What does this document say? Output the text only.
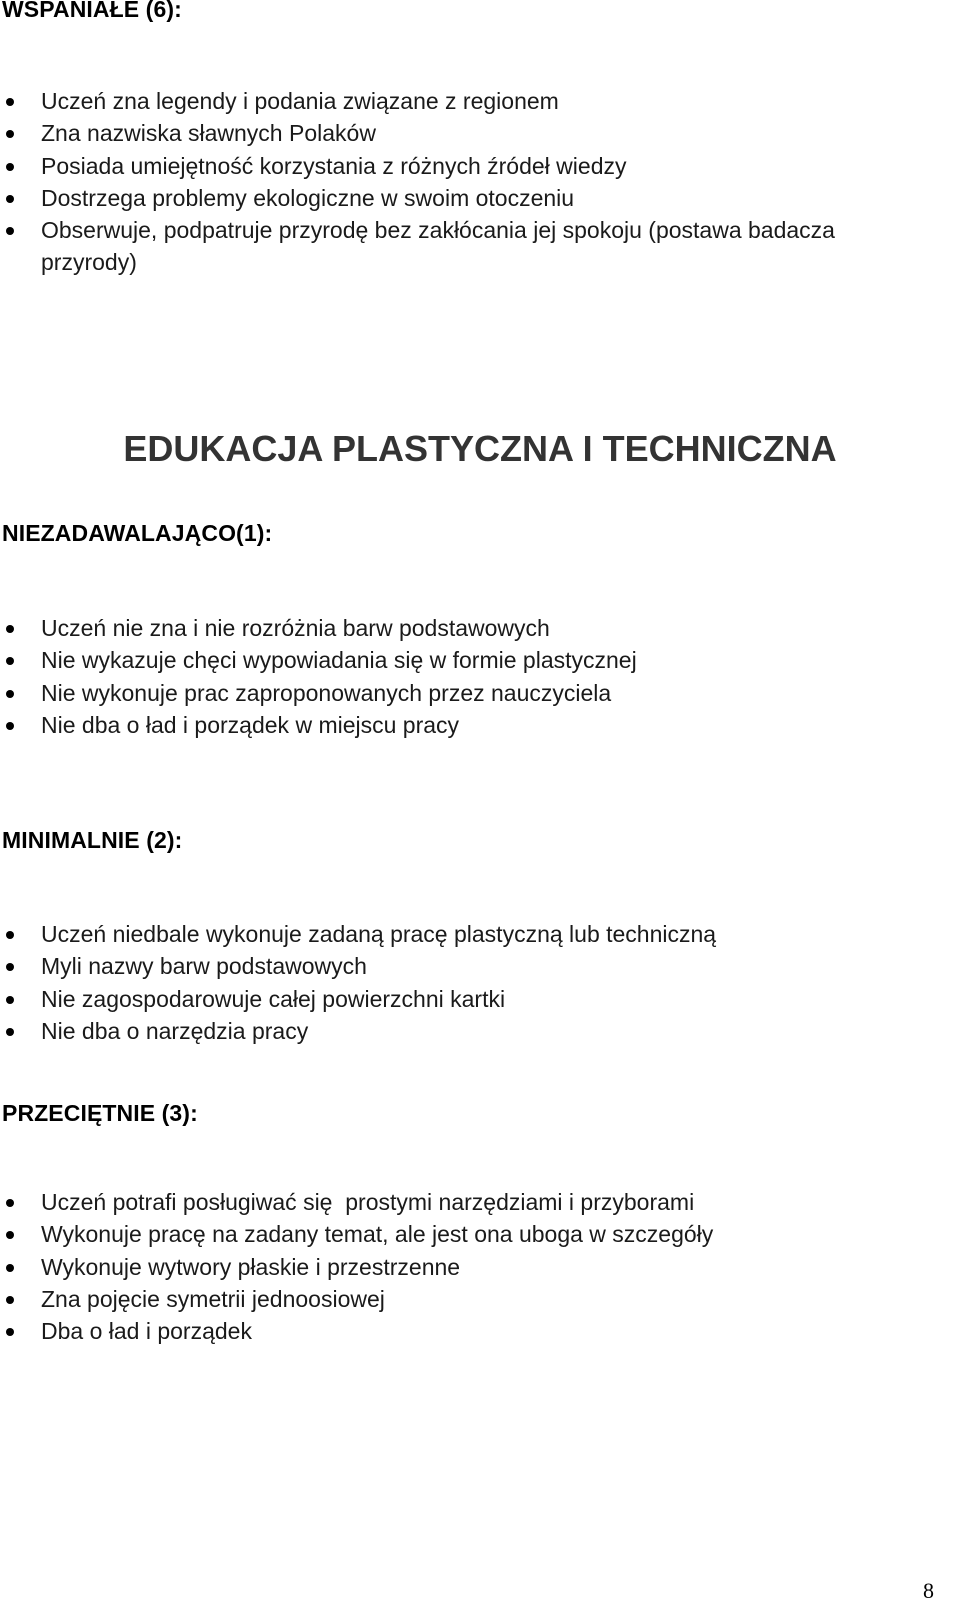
WSPANIAŁE (6):
Uczeń zna legendy i podania związane z regionem
Zna nazwiska sławnych Polaków
Posiada umiejętność korzystania z różnych źródeł wiedzy
Dostrzega problemy ekologiczne w swoim otoczeniu
Obserwuje, podpatruje przyrodę bez zakłócania jej spokoju (postawa badacza przyrody)
EDUKACJA PLASTYCZNA I TECHNICZNA
NIEZADAWALAJĄCO(1):
Uczeń nie zna i nie rozróżnia barw podstawowych
Nie wykazuje chęci wypowiadania się w formie plastycznej
Nie wykonuje prac zaproponowanych przez nauczyciela
Nie dba o ład i porządek w miejscu pracy
MINIMALNIE (2):
Uczeń niedbale wykonuje zadaną pracę plastyczną lub techniczną
Myli nazwy barw podstawowych
Nie zagospodarowuje całej powierzchni kartki
Nie dba o narzędzia pracy
PRZECIĘTNIE (3):
Uczeń potrafi posługiwać się  prostymi narzędziami i przyborami
Wykonuje pracę na zadany temat, ale jest ona uboga w szczegóły
Wykonuje wytwory płaskie i przestrzenne
Zna pojęcie symetrii jednoosiowej
Dba o ład i porządek
8
